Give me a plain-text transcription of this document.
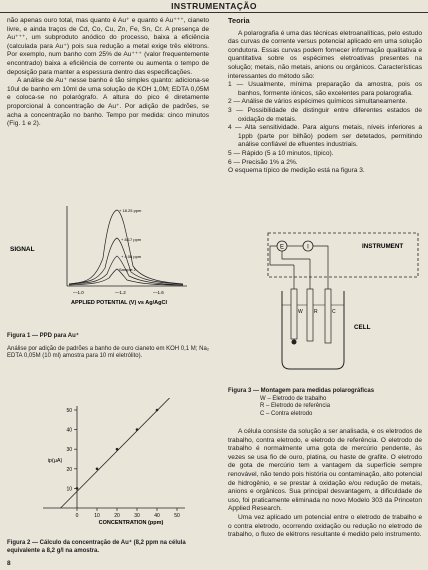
INSTRUMENTAÇÃO

não apenas ouro total, mas quanto é Au⁺ e quanto é Au⁺⁺⁺, cianeto livre, e ainda traços de Cd, Co, Cu, Zn, Fe, Sn, Cr. A presença de Au⁺⁺⁺, um subproduto anódico do processo, baixa a eficiência (calculada para Au⁺) pois sua redução a metal exige três elétrons. Por exemplo, num banho com 25% de Au⁺⁺⁺ (valor frequentemente encontrado) baixa a eficiência de corrente ou aumenta o tempo de deposição para manter a espessura dentro das especificações.

A análise de Au⁺ nesse banho é tão simples quanto: adiciona-se 10ul de banho em 10ml de uma solução de KOH 1,0M; EDTA 0,05M e coloca-se no polarógrafo. A altura do pico é diretamente proporcional à concentração de Au⁺. Por adição de padrões, se acha a concentração no banho. Tempo por medida: cinco minutos (Fig. 1 e 2).

SIGNAL
+ 18.25 ppm
+ 8.17 ppm
+ 4.08 ppm
Sample 2
—1.0	—1.2	—1.6
APPLIED POTENTIAL (V) vs Ag/AgCl
Figura 1 — PPD para Au⁺
Análise por adição de padrões a banho de ouro cianeto em KOH 0,1 M; Na₂ EDTA 0,05M (10 ml) amostra para 10 ml eletrólito).
50
40
30
20
10
0	10	20	30	40	50
ip(µA)
CONCENTRATION (ppm)
Figura 2 — Cálculo da concentração de Au⁺ (8,2 ppm na célula equivalente a 8,2 g/l na amostra.
8
Teoria

A polarografia é uma das técnicas eletroanalíticas, pelo estudo das curvas de corrente versus potencial aplicado em uma solução condutora. Essas curvas podem fornecer informação qualitativa e quantitativa sobre os espécimes eletroativas presentes na solução; metais, não metais, anions ou orgânicos. Características interessantes do método são:

1 — Usualmente, mínima preparação da amostra, pois os banhos, formente iónicos, são excelentes para polarografia.

2 — Análise de vários espécimes químicos simultaneamente.

3 — Possibilidade de distinguir entre diferentes estados de oxidação de metais.

4 — Alta sensitividade. Para alguns metais, níveis inferiores a 1ppb (parte por bilhão) podem ser detetados, permitindo análise confiável de efluentes industriais.

5 — Rápido (5 a 10 minutos, típico).

6 — Precisão 1% a 2%.

O esquema típico de medição está na figura 3.

E	I	INSTRUMENT
W R	C
CELL
Figura 3 — Montagem para medidas polarográficas
W – Eletrodo de trabalho
R – Eletrodo de referência
C – Contra eletrodo

A célula consiste da solução a ser analisada, e os eletrodos de trabalho, contra eletrodo, e eletrodo de referência. O eletrodo de trabalho é normalmente uma gota de mercúrio pendente, às vezes se usa fio de ouro, platina, ou haste de grafite. O eletrodo de gota de mercúrio tem a vantagem da superfície sempre renovável, não tendo pois história ou contaminação, alto potencial de hidrogênio, e se prestar à oxidação e/ou redução de metais, anions e orgânicos. Sua principal desvantagem, a dificuldade de uso, foi praticamente eliminada no novo Modelo 303 da Princeton Applied Research.

Uma vez aplicado um potencial entre o eletrodo de trabalho e o contra eletrodo, ocorrendo oxidação ou redução no eletrodo de trabalho, o fluxo de elétrons resultante é medido pelo instrumento.
